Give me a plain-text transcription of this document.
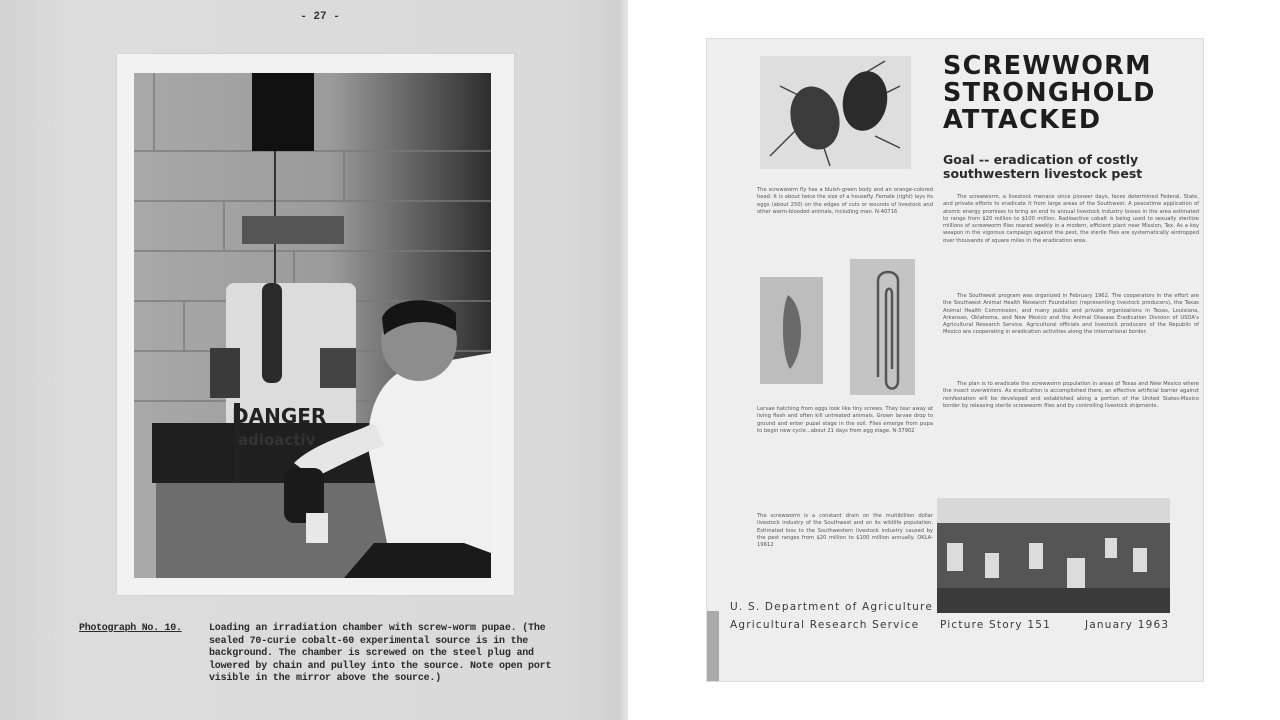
- 27 -
DANGER
adioactiv
Photograph No. 10.	Loading an irradiation chamber with screw-worm pupae. (The sealed 70-curie cobalt-60 experimental source is in the background. The chamber is screwed on the steel plug and lowered by chain and pulley into the source. Note open port visible in the mirror above the source.)
SCREWWORM
STRONGHOLD
ATTACKED
Goal -- eradication of costly southwestern livestock pest
The screwworm fly has a bluish-green body and an orange-colored head. It is about twice the size of a housefly. Female (right) lays its eggs (about 250) on the edges of cuts or wounds of livestock and other warm-blooded animals, including man. N-40716
The screwworm, a livestock menace since pioneer days, faces determined Federal, State, and private efforts to eradicate it from large areas of the Southwest. A peacetime application of atomic energy promises to bring an end to annual livestock industry losses in the area estimated to range from $20 million to $100 million. Radioactive cobalt is being used to sexually sterilize millions of screwworm flies reared weekly in a modern, efficient plant near Mission, Tex. As a key weapon in the vigorous campaign against the pest, the sterile flies are systematically airdropped over thousands of square miles in the eradication area.
The Southwest program was organized in February 1962. The cooperators in the effort are the Southwest Animal Health Research Foundation (representing livestock producers), the Texas Animal Health Commission, and many public and private organizations in Texas, Louisiana, Arkansas, Oklahoma, and New Mexico and the Animal Disease Eradication Division of USDA's Agricultural Research Service. Agricultural officials and livestock producers of the Republic of Mexico are cooperating in eradication activities along the international border.
The plan is to eradicate the screwworm population in areas of Texas and New Mexico where the insect overwinters. As eradication is accomplished there, an effective artificial barrier against reinfestation will be developed and established along a portion of the United States-Mexico border by releasing sterile screwworm flies and by controlling livestock shipments.
Larvae hatching from eggs look like tiny screws. They tear away at living flesh and often kill untreated animals. Grown larvae drop to ground and enter pupal stage in the soil. Flies emerge from pupa to begin new cycle...about 21 days from egg stage. N-37902
The screwworm is a constant drain on the multibillion dollar livestock industry of the Southwest and on its wildlife population. Estimated loss to the Southwestern livestock industry caused by the pest ranges from $20 million to $100 million annually. OKLA-19612
U. S. Department of Agriculture
Agricultural Research Service Picture Story 151	January 1963
